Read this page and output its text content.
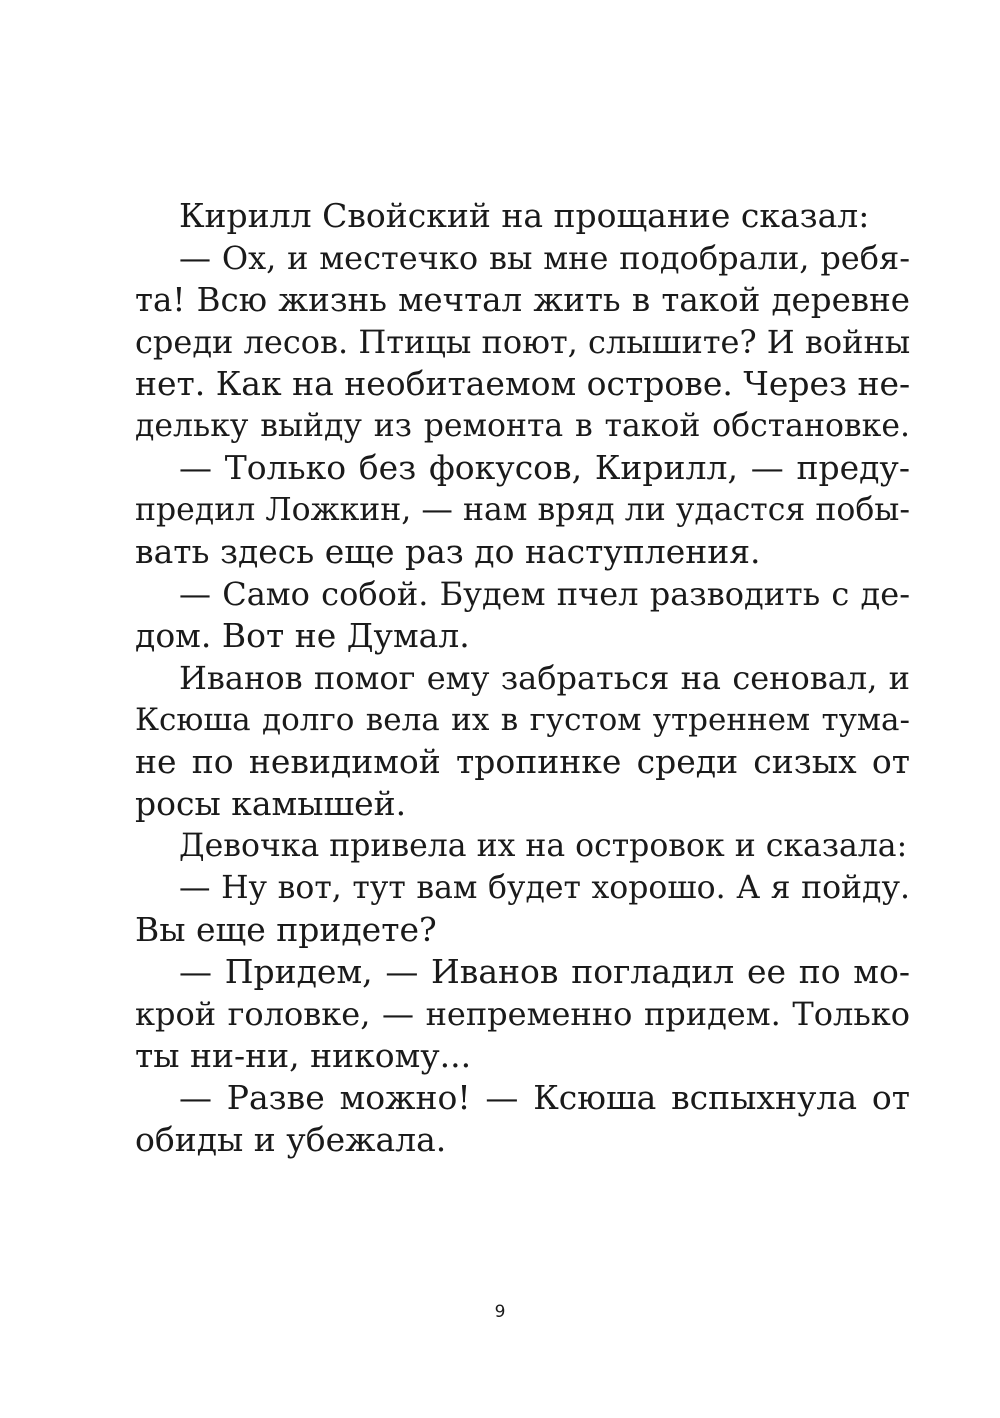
Кирилл Свойский на прощание сказал:
— Ох, и местечко вы мне подобрали, ребя-
та! Всю жизнь мечтал жить в такой деревне
среди лесов. Птицы поют, слышите? И войны
нет. Как на необитаемом острове. Через не-
дельку выйду из ремонта в такой обстановке.
— Только без фокусов, Кирилл, — преду-
предил Ложкин, — нам вряд ли удастся побы-
вать здесь еще раз до наступления.
— Само собой. Будем пчел разводить с де-
дом. Вот не Думал.
Иванов помог ему забраться на сеновал, и
Ксюша долго вела их в густом утреннем тума-
не по невидимой тропинке среди сизых от
росы камышей.
Девочка привела их на островок и сказала:
— Ну вот, тут вам будет хорошо. А я пойду.
Вы еще придете?
— Придем, — Иванов погладил ее по мо-
крой головке, — непременно придем. Только
ты ни-ни, никому...
— Разве можно! — Ксюша вспыхнула от
обиды и убежала.
9
